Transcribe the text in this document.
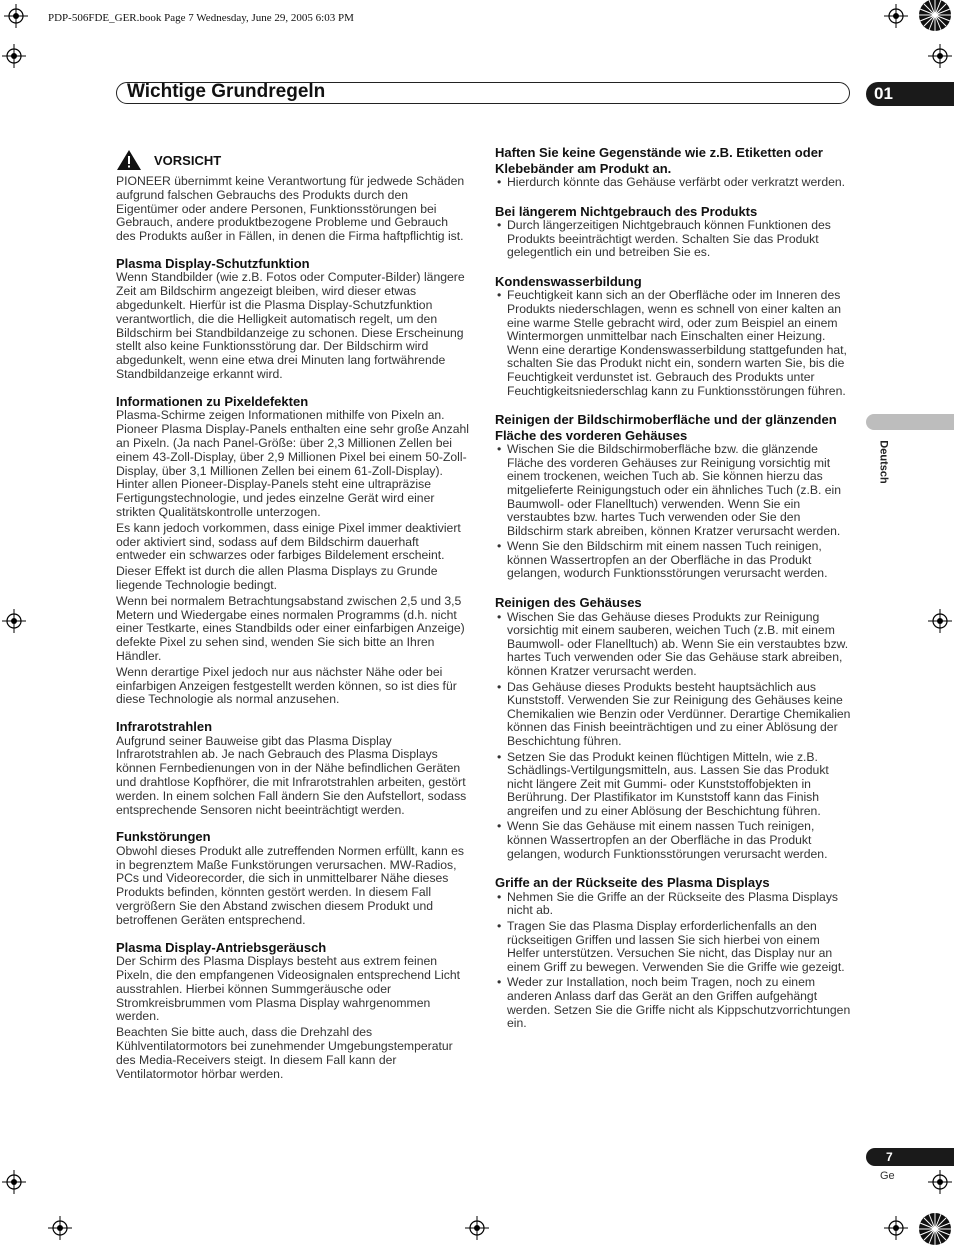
PDP-506FDE_GER.book Page 7 Wednesday, June 29, 2005 6:03 PM
Wichtige Grundregeln	01
Deutsch
7
Ge
VORSICHT

PIONEER übernimmt keine Verantwortung für jedwede Schäden aufgrund falschen Gebrauchs des Produkts durch den Eigentümer oder andere Personen, Funktionsstörungen bei Gebrauch, andere produktbezogene Probleme und Gebrauch des Produkts außer in Fällen, in denen die Firma haftpflichtig ist.

Plasma Display-Schutzfunktion

Wenn Standbilder (wie z.B. Fotos oder Computer-Bilder) längere Zeit am Bildschirm angezeigt bleiben, wird dieser etwas abgedunkelt. Hierfür ist die Plasma Display-Schutzfunktion verantwortlich, die die Helligkeit automatisch regelt, um den Bildschirm bei Standbildanzeige zu schonen. Diese Erscheinung stellt also keine Funktionsstörung dar. Der Bildschirm wird abgedunkelt, wenn eine etwa drei Minuten lang fortwährende Standbildanzeige erkannt wird.

Informationen zu Pixeldefekten

Plasma-Schirme zeigen Informationen mithilfe von Pixeln an. Pioneer Plasma Display-Panels enthalten eine sehr große Anzahl an Pixeln. (Ja nach Panel-Größe: über 2,3 Millionen Zellen bei einem 43-Zoll-Display, über 2,9 Millionen Pixel bei einem 50-Zoll-Display, über 3,1 Millionen Zellen bei einem 61-Zoll-Display). Hinter allen Pioneer-Display-Panels steht eine ultrapräzise Fertigungstechnologie, und jedes einzelne Gerät wird einer strikten Qualitätskontrolle unterzogen.

Es kann jedoch vorkommen, dass einige Pixel immer deaktiviert oder aktiviert sind, sodass auf dem Bildschirm dauerhaft entweder ein schwarzes oder farbiges Bildelement erscheint.

Dieser Effekt ist durch die allen Plasma Displays zu Grunde liegende Technologie bedingt.

Wenn bei normalem Betrachtungsabstand zwischen 2,5 und 3,5 Metern und Wiedergabe eines normalen Programms (d.h. nicht einer Testkarte, eines Standbilds oder einer einfarbigen Anzeige) defekte Pixel zu sehen sind, wenden Sie sich bitte an Ihren Händler.

Wenn derartige Pixel jedoch nur aus nächster Nähe oder bei einfarbigen Anzeigen festgestellt werden können, so ist dies für diese Technologie als normal anzusehen.

Infrarotstrahlen

Aufgrund seiner Bauweise gibt das Plasma Display Infrarotstrahlen ab. Je nach Gebrauch des Plasma Displays können Fernbedienungen von in der Nähe befindlichen Geräten und drahtlose Kopfhörer, die mit Infrarotstrahlen arbeiten, gestört werden. In einem solchen Fall ändern Sie den Aufstellort, sodass entsprechende Sensoren nicht beeinträchtigt werden.

Funkstörungen

Obwohl dieses Produkt alle zutreffenden Normen erfüllt, kann es in begrenztem Maße Funkstörungen verursachen. MW-Radios, PCs und Videorecorder, die sich in unmittelbarer Nähe dieses Produkts befinden, könnten gestört werden. In diesem Fall vergrößern Sie den Abstand zwischen diesem Produkt und betroffenen Geräten entsprechend.

Plasma Display-Antriebsgeräusch

Der Schirm des Plasma Displays besteht aus extrem feinen Pixeln, die den empfangenen Videosignalen entsprechend Licht ausstrahlen. Hierbei können Summgeräusche oder Stromkreisbrummen vom Plasma Display wahrgenommen werden.

Beachten Sie bitte auch, dass die Drehzahl des Kühlventilatormotors bei zunehmender Umgebungstemperatur des Media-Receivers steigt. In diesem Fall kann der Ventilatormotor hörbar werden.

Haften Sie keine Gegenstände wie z.B. Etiketten oder Klebebänder am Produkt an.
• Hierdurch könnte das Gehäuse verfärbt oder verkratzt werden.
Bei längerem Nichtgebrauch des Produkts
• Durch längerzeitigen Nichtgebrauch können Funktionen des Produkts beeinträchtigt werden. Schalten Sie das Produkt gelegentlich ein und betreiben Sie es.
Kondenswasserbildung
• Feuchtigkeit kann sich an der Oberfläche oder im Inneren des Produkts niederschlagen, wenn es schnell von einer kalten an eine warme Stelle gebracht wird, oder zum Beispiel an einem Wintermorgen unmittelbar nach Einschalten einer Heizung. Wenn eine derartige Kondenswasserbildung stattgefunden hat, schalten Sie das Produkt nicht ein, sondern warten Sie, bis die Feuchtigkeit verdunstet ist. Gebrauch des Produkts unter Feuchtigkeitsniederschlag kann zu Funktionsstörungen führen.
Reinigen der Bildschirmoberfläche und der glänzenden Fläche des vorderen Gehäuses
• Wischen Sie die Bildschirmoberfläche bzw. die glänzende Fläche des vorderen Gehäuses zur Reinigung vorsichtig mit einem trockenen, weichen Tuch ab. Sie können hierzu das mitgelieferte Reinigungstuch oder ein ähnliches Tuch (z.B. ein Baumwoll- oder Flanelltuch) verwenden. Wenn Sie ein verstaubtes bzw. hartes Tuch verwenden oder Sie den Bildschirm stark abreiben, können Kratzer verursacht werden.
• Wenn Sie den Bildschirm mit einem nassen Tuch reinigen, können Wassertropfen an der Oberfläche in das Produkt gelangen, wodurch Funktionsstörungen verursacht werden.
Reinigen des Gehäuses
• Wischen Sie das Gehäuse dieses Produkts zur Reinigung vorsichtig mit einem sauberen, weichen Tuch (z.B. mit einem Baumwoll- oder Flanelltuch) ab. Wenn Sie ein verstaubtes bzw. hartes Tuch verwenden oder Sie das Gehäuse stark abreiben, können Kratzer verursacht werden.
• Das Gehäuse dieses Produkts besteht hauptsächlich aus Kunststoff. Verwenden Sie zur Reinigung des Gehäuses keine Chemikalien wie Benzin oder Verdünner. Derartige Chemikalien können das Finish beeinträchtigen und zu einer Ablösung der Beschichtung führen.
• Setzen Sie das Produkt keinen flüchtigen Mitteln, wie z.B. Schädlings-Vertilgungsmitteln, aus. Lassen Sie das Produkt nicht längere Zeit mit Gummi- oder Kunststoffobjekten in Berührung. Der Plastifikator im Kunststoff kann das Finish angreifen und zu einer Ablösung der Beschichtung führen.
• Wenn Sie das Gehäuse mit einem nassen Tuch reinigen, können Wassertropfen an der Oberfläche in das Produkt gelangen, wodurch Funktionsstörungen verursacht werden.
Griffe an der Rückseite des Plasma Displays
• Nehmen Sie die Griffe an der Rückseite des Plasma Displays nicht ab.
• Tragen Sie das Plasma Display erforderlichenfalls an den rückseitigen Griffen und lassen Sie sich hierbei von einem Helfer unterstützen. Versuchen Sie nicht, das Display nur an einem Griff zu bewegen. Verwenden Sie die Griffe wie gezeigt.
• Weder zur Installation, noch beim Tragen, noch zu einem anderen Anlass darf das Gerät an den Griffen aufgehängt werden. Setzen Sie die Griffe nicht als Kippschutzvorrichtungen ein.
